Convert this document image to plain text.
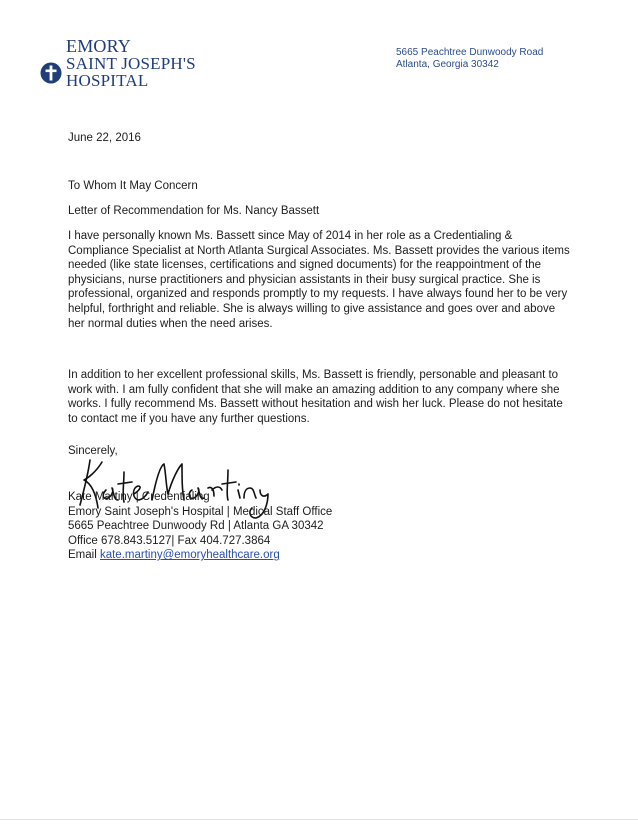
EMORY
SAINT JOSEPH'S
HOSPITAL
5665 Peachtree Dunwoody Road
Atlanta, Georgia 30342
June 22, 2016
To Whom It May Concern
Letter of Recommendation for Ms. Nancy Bassett
I have personally known Ms. Bassett since May of 2014 in her role as a Credentialing & Compliance Specialist at North Atlanta Surgical Associates. Ms. Bassett provides the various items needed (like state licenses, certifications and signed documents) for the reappointment of the physicians, nurse practitioners and physician assistants in their busy surgical practice. She is professional, organized and responds promptly to my requests. I have always found her to be very helpful, forthright and reliable. She is always willing to give assistance and goes over and above her normal duties when the need arises.
In addition to her excellent professional skills, Ms. Bassett is friendly, personable and pleasant to work with. I am fully confident that she will make an amazing addition to any company where she works. I fully recommend Ms. Bassett without hesitation and wish her luck. Please do not hesitate to contact me if you have any further questions.
Sincerely,
Kate Martiny | Credentialing
Emory Saint Joseph's Hospital | Medical Staff Office
5665 Peachtree Dunwoody Rd | Atlanta GA 30342
Office 678.843.5127| Fax 404.727.3864
Email kate.martiny@emoryhealthcare.org
